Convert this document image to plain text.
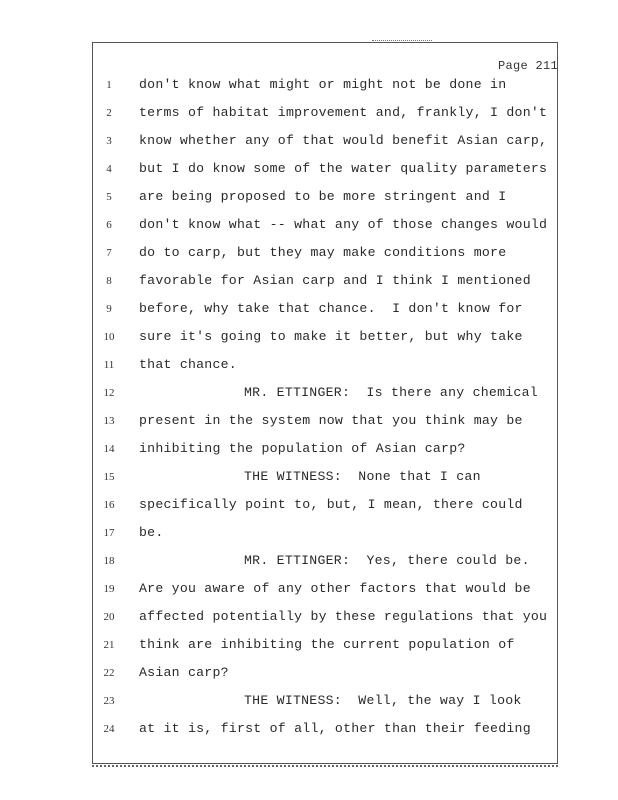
Page 211
1	don't know what might or might not be done in
2	terms of habitat improvement and, frankly, I don't
3	know whether any of that would benefit Asian carp,
4	but I do know some of the water quality parameters
5	are being proposed to be more stringent and I
6	don't know what -- what any of those changes would
7	do to carp, but they may make conditions more
8	favorable for Asian carp and I think I mentioned
9	before, why take that chance.  I don't know for
10 sure it's going to make it better, but why take
11 that chance.
12	MR. ETTINGER:  Is there any chemical
13 present in the system now that you think may be
14 inhibiting the population of Asian carp?
15	THE WITNESS:  None that I can
16 specifically point to, but, I mean, there could
17 be.
18	MR. ETTINGER:  Yes, there could be.
19 Are you aware of any other factors that would be
20 affected potentially by these regulations that you
21 think are inhibiting the current population of
22 Asian carp?
23	THE WITNESS:  Well, the way I look
24 at it is, first of all, other than their feeding
